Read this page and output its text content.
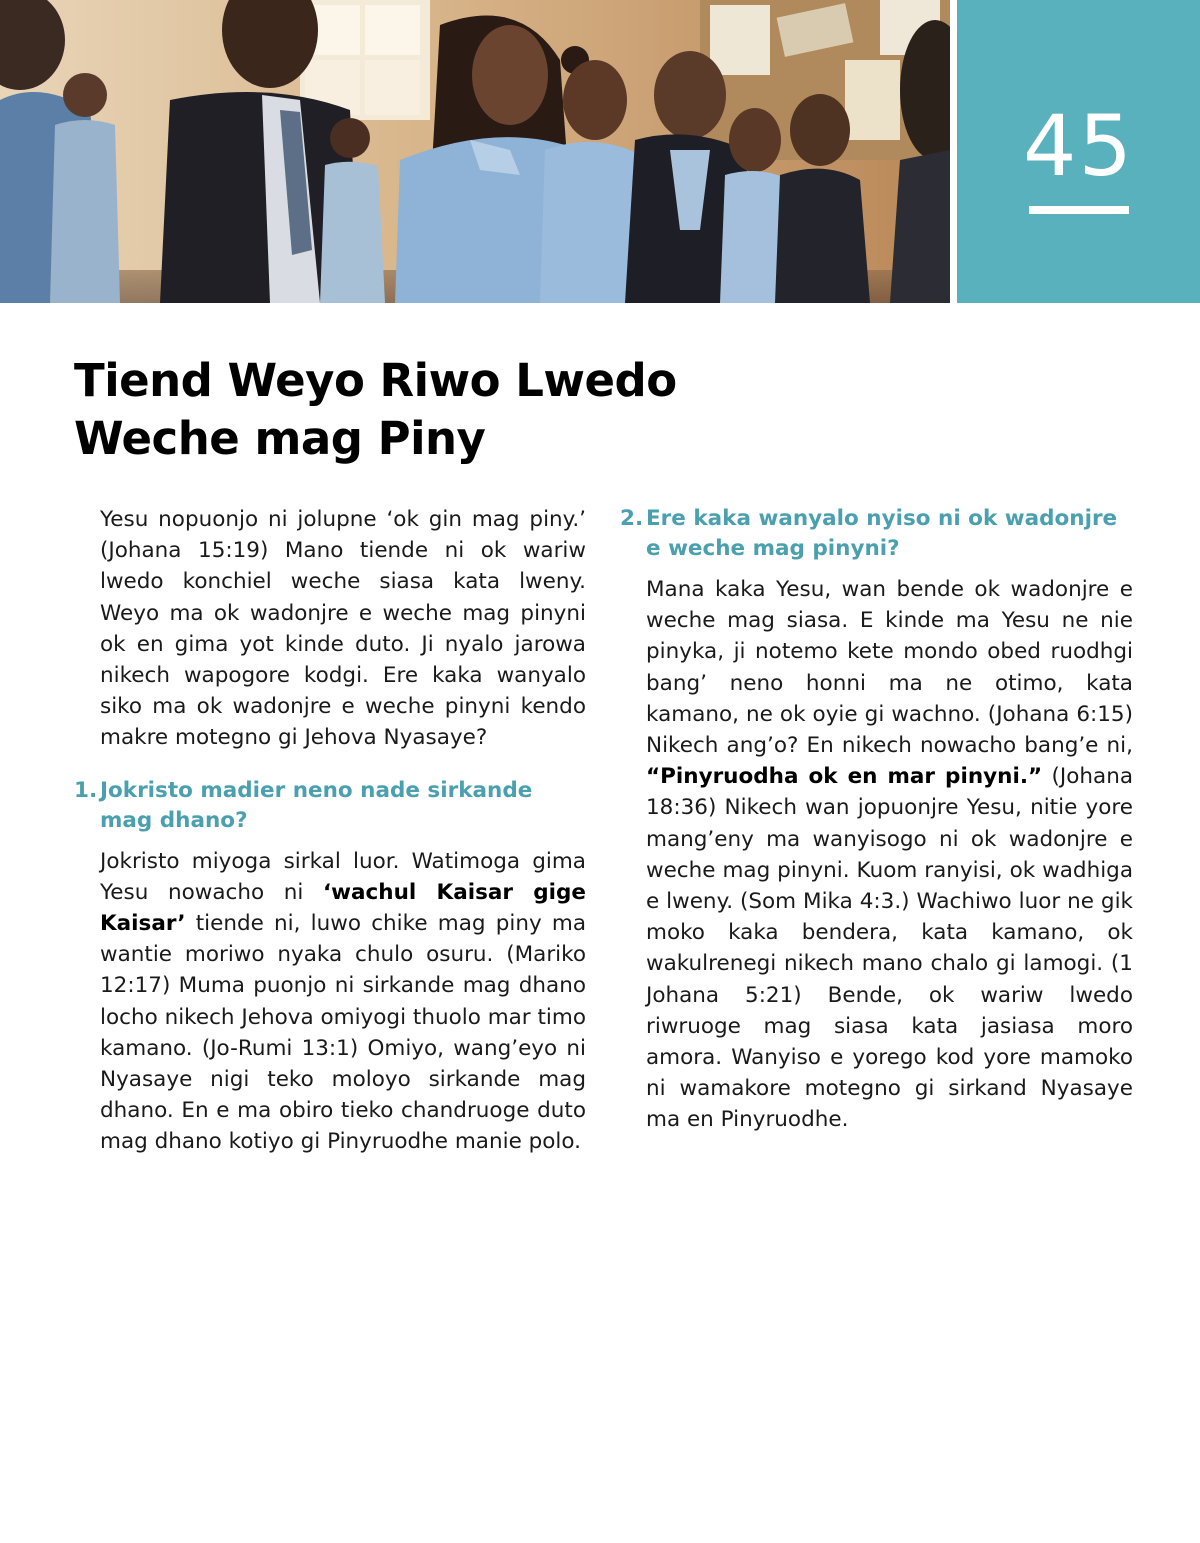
45
Tiend Weyo Riwo Lwedo
Weche mag Piny

Yesu nopuonjo ni jolupne ‘ok gin mag piny.’ (Johana 15:19) Mano tiende ni ok wariw lwedo konchiel weche siasa kata lweny. Weyo ma ok wadonjre e weche mag pinyni ok en gima yot kinde duto. Ji nyalo jarowa nikech wapogore kodgi. Ere kaka wanyalo siko ma ok wadonjre e weche pinyni kendo makre motegno gi Jehova Nyasaye?

1. Jokristo madier neno nade sirkande mag dhano?

Jokristo miyoga sirkal luor. Watimoga gima Yesu nowacho ni ‘wachul Kaisar gige Kaisar’ tiende ni, luwo chike mag piny ma wantie moriwo nyaka chulo osuru. (Mariko 12:17) Muma puonjo ni sirkande mag dhano locho nikech Jehova omiyogi thuolo mar timo kamano. (Jo-Rumi 13:1) Omiyo, wang’eyo ni Nyasaye nigi teko moloyo sirkande mag dhano. En e ma obiro tieko chandruoge duto mag dhano kotiyo gi Pinyruodhe manie polo.

2. Ere kaka wanyalo nyiso ni ok wadonjre e weche mag pinyni?

Mana kaka Yesu, wan bende ok wadonjre e weche mag siasa. E kinde ma Yesu ne nie pinyka, ji notemo kete mondo obed ruodhgi bang’ neno honni ma ne otimo, kata kamano, ne ok oyie gi wachno. (Johana 6:15) Nikech ang’o? En nikech nowacho bang’e ni, “Pinyruodha ok en mar pinyni.” (Johana 18:36) Nikech wan jopuonjre Yesu, nitie yore mang’eny ma wanyisogo ni ok wadonjre e weche mag pinyni. Kuom ranyisi, ok wadhiga e lweny. (Som Mika 4:3.) Wachiwo luor ne gik moko kaka bendera, kata kamano, ok wakulrenegi nikech mano chalo gi lamogi. (1 Johana 5:21) Bende, ok wariw lwedo riwruoge mag siasa kata jasiasa moro amora. Wanyiso e yorego kod yore mamoko ni wamakore motegno gi sirkand Nyasaye ma en Pinyruodhe.
